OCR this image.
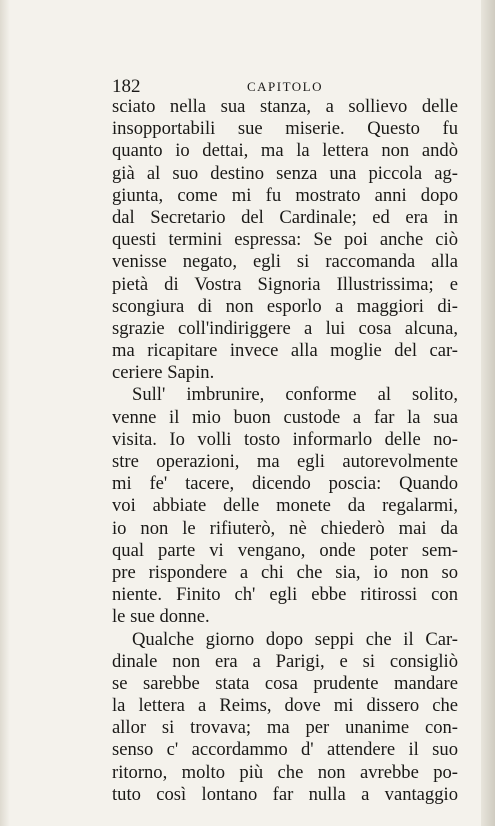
182	CAPITOLO
sciato nella sua stanza, a sollievo delle
insopportabili sue miserie. Questo fu
quanto io dettai, ma la lettera non andò
già al suo destino senza una piccola ag-
giunta, come mi fu mostrato anni dopo
dal Secretario del Cardinale; ed era in
questi termini espressa: Se poi anche ciò
venisse negato, egli si raccomanda alla
pietà di Vostra Signoria Illustrissima; e
scongiura di non esporlo a maggiori di-
sgrazie coll'indiriggere a lui cosa alcuna,
ma ricapitare invece alla moglie del car-
ceriere Sapin.
Sull' imbrunire, conforme al solito,
venne il mio buon custode a far la sua
visita. Io volli tosto informarlo delle no-
stre operazioni, ma egli autorevolmente
mi fe' tacere, dicendo poscia: Quando
voi abbiate delle monete da regalarmi,
io non le rifiuterò, nè chiederò mai da
qual parte vi vengano, onde poter sem-
pre rispondere a chi che sia, io non so
niente. Finito ch' egli ebbe ritirossi con
le sue donne.
Qualche giorno dopo seppi che il Car-
dinale non era a Parigi, e si consigliò
se sarebbe stata cosa prudente mandare
la lettera a Reims, dove mi dissero che
allor si trovava; ma per unanime con-
senso c' accordammo d' attendere il suo
ritorno, molto più che non avrebbe po-
tuto così lontano far nulla a vantaggio
